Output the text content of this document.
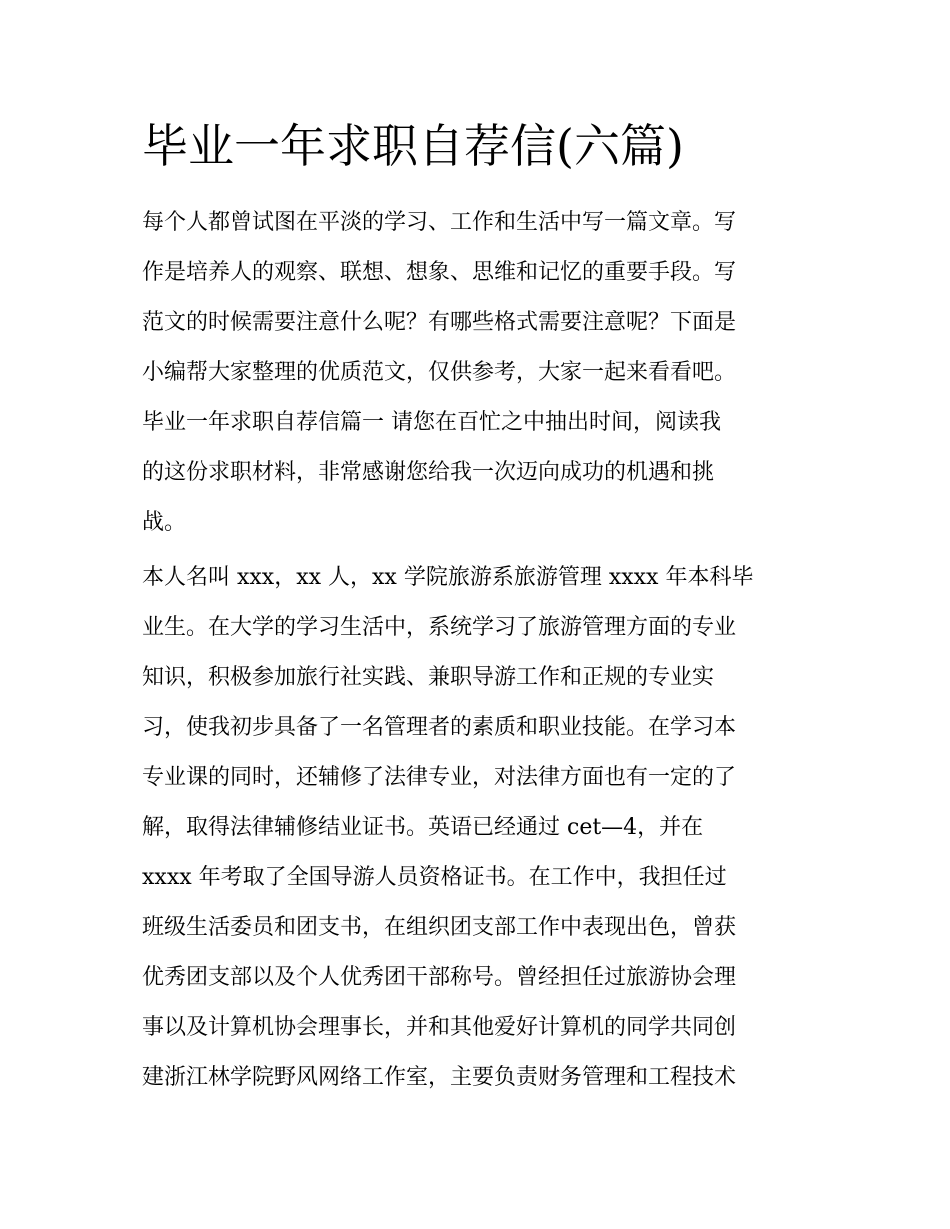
毕业一年求职自荐信(六篇)

每个人都曾试图在平淡的学习、工作和生活中写一篇文章。写

作是培养人的观察、联想、想象、思维和记忆的重要手段。写

范文的时候需要注意什么呢？有哪些格式需要注意呢？下面是

小编帮大家整理的优质范文，仅供参考，大家一起来看看吧。

毕业一年求职自荐信篇一 请您在百忙之中抽出时间，阅读我

的这份求职材料，非常感谢您给我一次迈向成功的机遇和挑

战。

本人名叫 xxx，xx 人，xx 学院旅游系旅游管理 xxxx 年本科毕

业生。在大学的学习生活中，系统学习了旅游管理方面的专业

知识，积极参加旅行社实践、兼职导游工作和正规的专业实

习，使我初步具备了一名管理者的素质和职业技能。在学习本

专业课的同时，还辅修了法律专业，对法律方面也有一定的了

解，取得法律辅修结业证书。英语已经通过 cet—4，并在

xxxx 年考取了全国导游人员资格证书。在工作中，我担任过

班级生活委员和团支书，在组织团支部工作中表现出色，曾获

优秀团支部以及个人优秀团干部称号。曾经担任过旅游协会理

事以及计算机协会理事长，并和其他爱好计算机的同学共同创

建浙江林学院野风网络工作室，主要负责财务管理和工程技术
